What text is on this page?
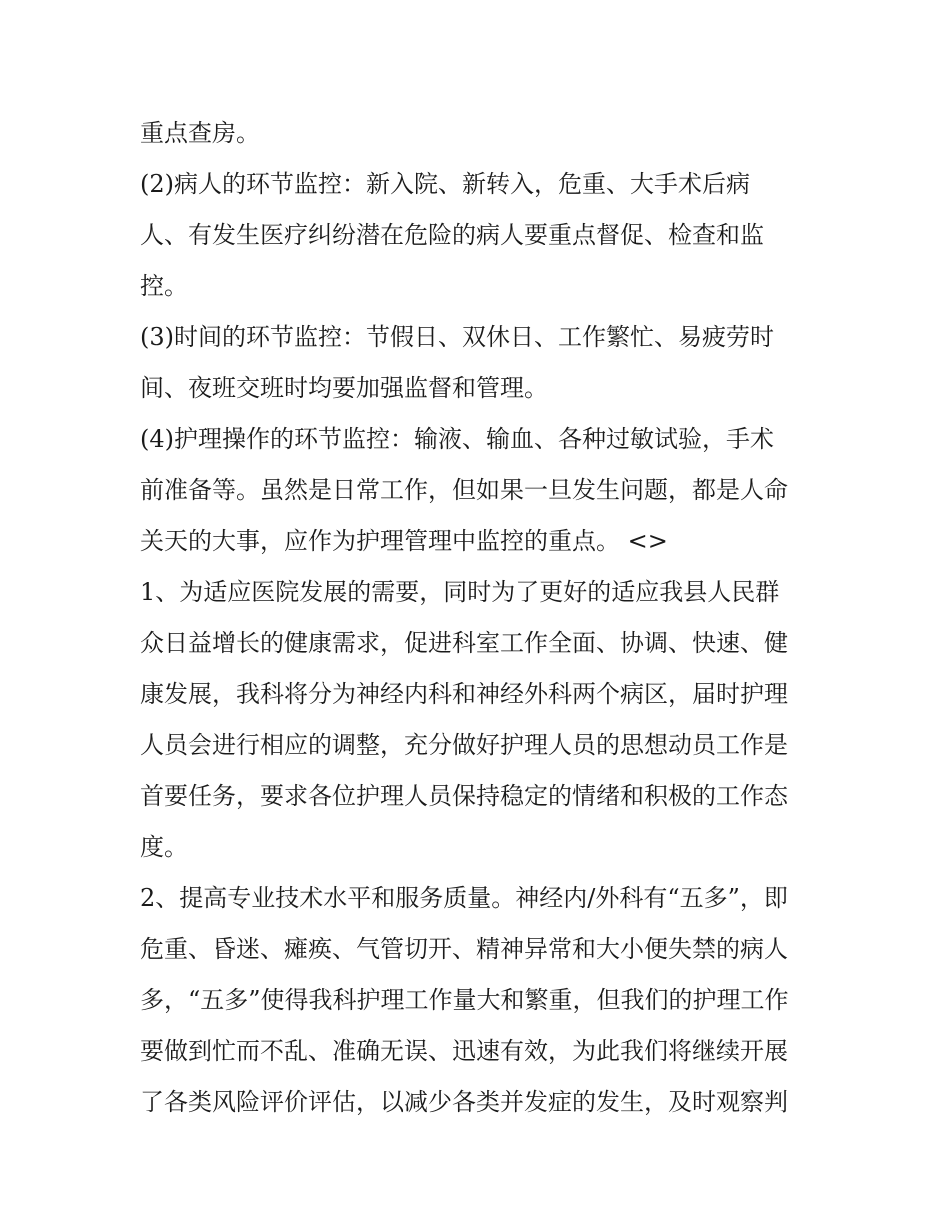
重点查房。
(2)病人的环节监控：新入院、新转入，危重、大手术后病
人、有发生医疗纠纷潜在危险的病人要重点督促、检查和监
控。
(3)时间的环节监控：节假日、双休日、工作繁忙、易疲劳时
间、夜班交班时均要加强监督和管理。
(4)护理操作的环节监控：输液、输血、各种过敏试验，手术
前准备等。虽然是日常工作，但如果一旦发生问题，都是人命
关天的大事，应作为护理管理中监控的重点。 <>
1、为适应医院发展的需要，同时为了更好的适应我县人民群
众日益增长的健康需求，促进科室工作全面、协调、快速、健
康发展，我科将分为神经内科和神经外科两个病区，届时护理
人员会进行相应的调整，充分做好护理人员的思想动员工作是
首要任务，要求各位护理人员保持稳定的情绪和积极的工作态
度。
2、提高专业技术水平和服务质量。神经内/外科有“五多”，即
危重、昏迷、瘫痪、气管切开、精神异常和大小便失禁的病人
多，“五多”使得我科护理工作量大和繁重，但我们的护理工作
要做到忙而不乱、准确无误、迅速有效，为此我们将继续开展
了各类风险评价评估，以减少各类并发症的发生，及时观察判
